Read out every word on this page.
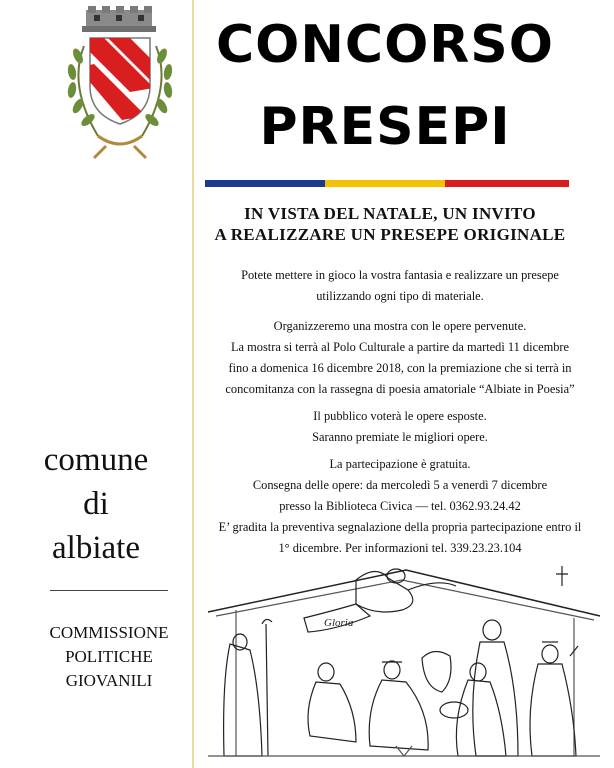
comune
di
albiate
COMMISSIONE
POLITICHE
GIOVANILI
CONCORSO
PRESEPI
IN VISTA DEL NATALE, UN INVITO
A REALIZZARE UN PRESEPE ORIGINALE
Potete mettere in gioco la vostra fantasia e realizzare un presepe
utilizzando ogni tipo di materiale.
Organizzeremo una mostra con le opere pervenute.
La mostra si terrà al Polo Culturale a partire da martedì 11 dicembre
fino a domenica 16 dicembre 2018, con la premiazione che si terrà in
concomitanza con la rassegna di poesia amatoriale “Albiate in Poesia”
Il pubblico voterà le opere esposte.
Saranno premiate le migliori opere.
La partecipazione è gratuita.
Consegna delle opere: da mercoledì 5 a venerdì 7 dicembre
presso la Biblioteca Civica — tel. 0362.93.24.42
E’ gradita la preventiva segnalazione della propria partecipazione entro il
1° dicembre. Per informazioni tel. 339.23.23.104
Gloria
